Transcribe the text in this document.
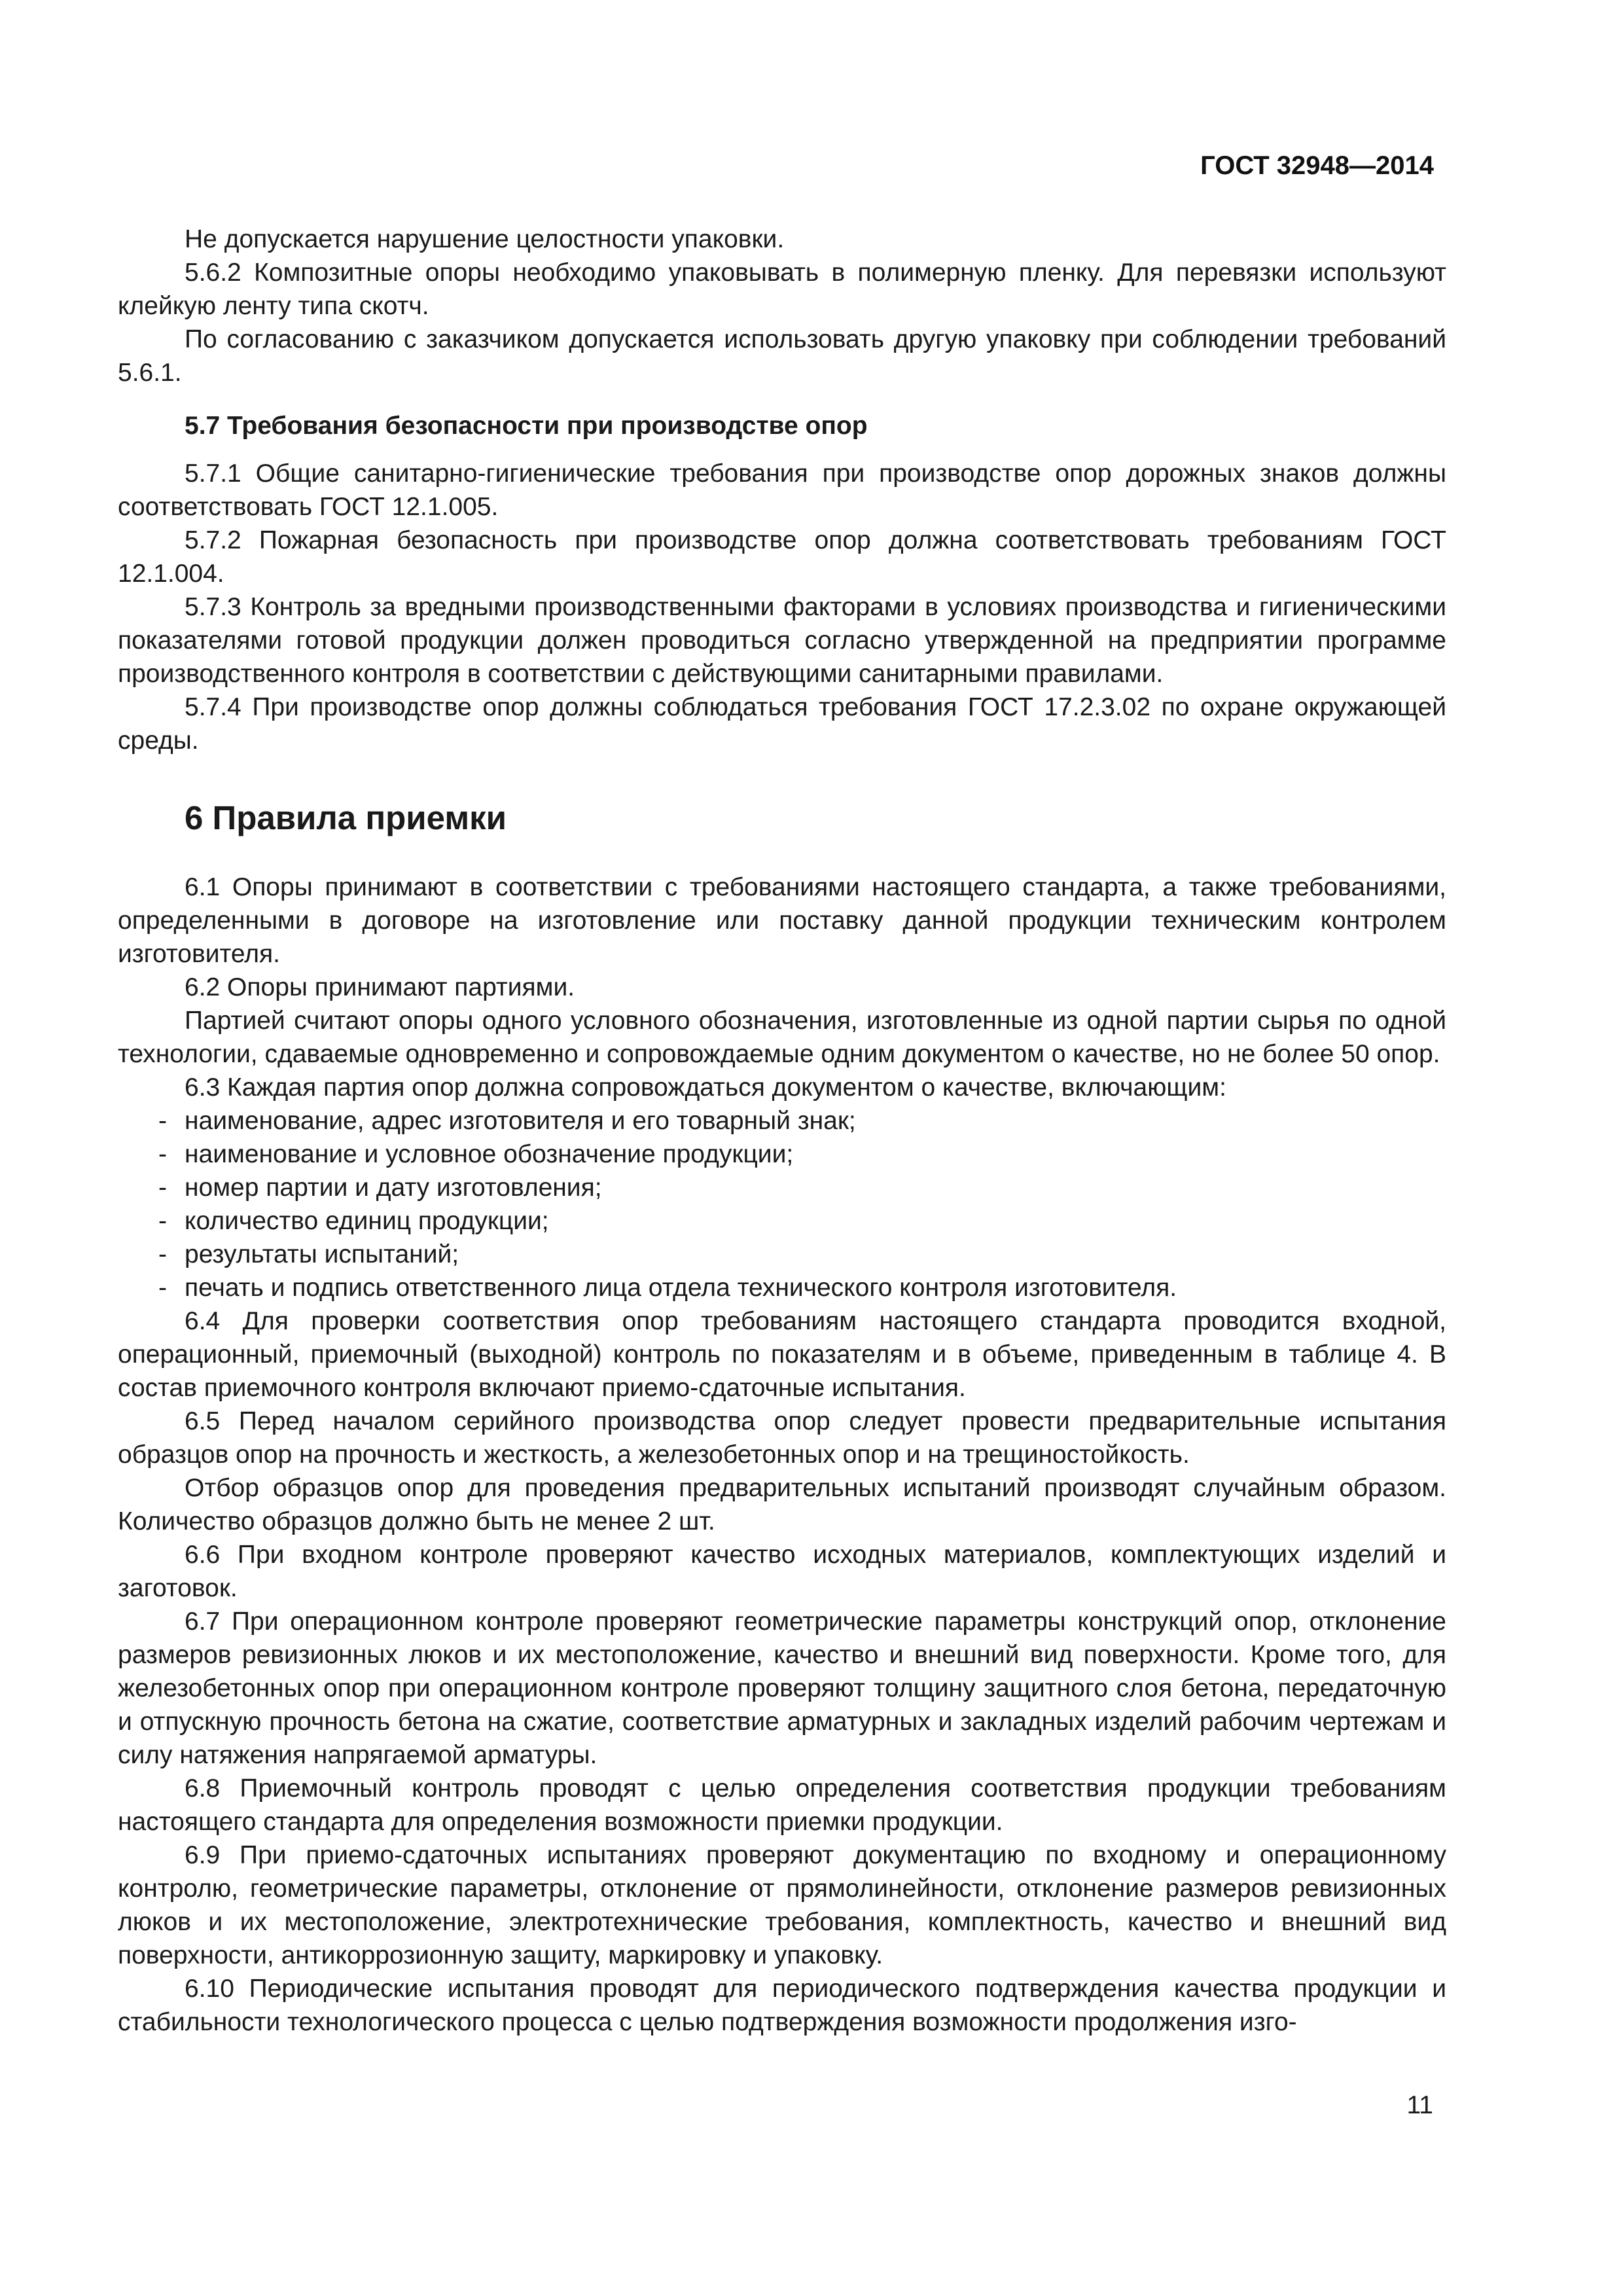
ГОСТ 32948—2014

Не допускается нарушение целостности упаковки.

5.6.2 Композитные опоры необходимо упаковывать в полимерную пленку. Для перевязки используют клейкую ленту типа скотч.

По согласованию с заказчиком допускается использовать другую упаковку при соблюдении требований 5.6.1.

5.7 Требования безопасности при производстве опор

5.7.1 Общие санитарно-гигиенические требования при производстве опор дорожных знаков должны соответствовать ГОСТ 12.1.005.

5.7.2 Пожарная безопасность при производстве опор должна соответствовать требованиям ГОСТ 12.1.004.

5.7.3 Контроль за вредными производственными факторами в условиях производства и гигиеническими показателями готовой продукции должен проводиться согласно утвержденной на предприятии программе производственного контроля в соответствии с действующими санитарными правилами.

5.7.4 При производстве опор должны соблюдаться требования ГОСТ 17.2.3.02 по охране окружающей среды.

6 Правила приемки

6.1 Опоры принимают в соответствии с требованиями настоящего стандарта, а также требованиями, определенными в договоре на изготовление или поставку данной продукции техническим контролем изготовителя.

6.2 Опоры принимают партиями.

Партией считают опоры одного условного обозначения, изготовленные из одной партии сырья по одной технологии, сдаваемые одновременно и сопровождаемые одним документом о качестве, но не более 50 опор.

6.3 Каждая партия опор должна сопровождаться документом о качестве, включающим:

- наименование, адрес изготовителя и его товарный знак;
- наименование и условное обозначение продукции;
- номер партии и дату изготовления;
- количество единиц продукции;
- результаты испытаний;
- печать и подпись ответственного лица отдела технического контроля изготовителя.

6.4 Для проверки соответствия опор требованиям настоящего стандарта проводится входной, операционный, приемочный (выходной) контроль по показателям и в объеме, приведенным в таблице 4. В состав приемочного контроля включают приемо-сдаточные испытания.

6.5 Перед началом серийного производства опор следует провести предварительные испытания образцов опор на прочность и жесткость, а железобетонных опор и на трещиностойкость.

Отбор образцов опор для проведения предварительных испытаний производят случайным образом. Количество образцов должно быть не менее 2 шт.

6.6 При входном контроле проверяют качество исходных материалов, комплектующих изделий и заготовок.

6.7 При операционном контроле проверяют геометрические параметры конструкций опор, отклонение размеров ревизионных люков и их местоположение, качество и внешний вид поверхности. Кроме того, для железобетонных опор при операционном контроле проверяют толщину защитного слоя бетона, передаточную и отпускную прочность бетона на сжатие, соответствие арматурных и закладных изделий рабочим чертежам и силу натяжения напрягаемой арматуры.

6.8 Приемочный контроль проводят с целью определения соответствия продукции требованиям настоящего стандарта для определения возможности приемки продукции.

6.9 При приемо-сдаточных испытаниях проверяют документацию по входному и операционному контролю, геометрические параметры, отклонение от прямолинейности, отклонение размеров ревизионных люков и их местоположение, электротехнические требования, комплектность, качество и внешний вид поверхности, антикоррозионную защиту, маркировку и упаковку.

6.10 Периодические испытания проводят для периодического подтверждения качества продукции и стабильности технологического процесса с целью подтверждения возможности продолжения изго-

11
